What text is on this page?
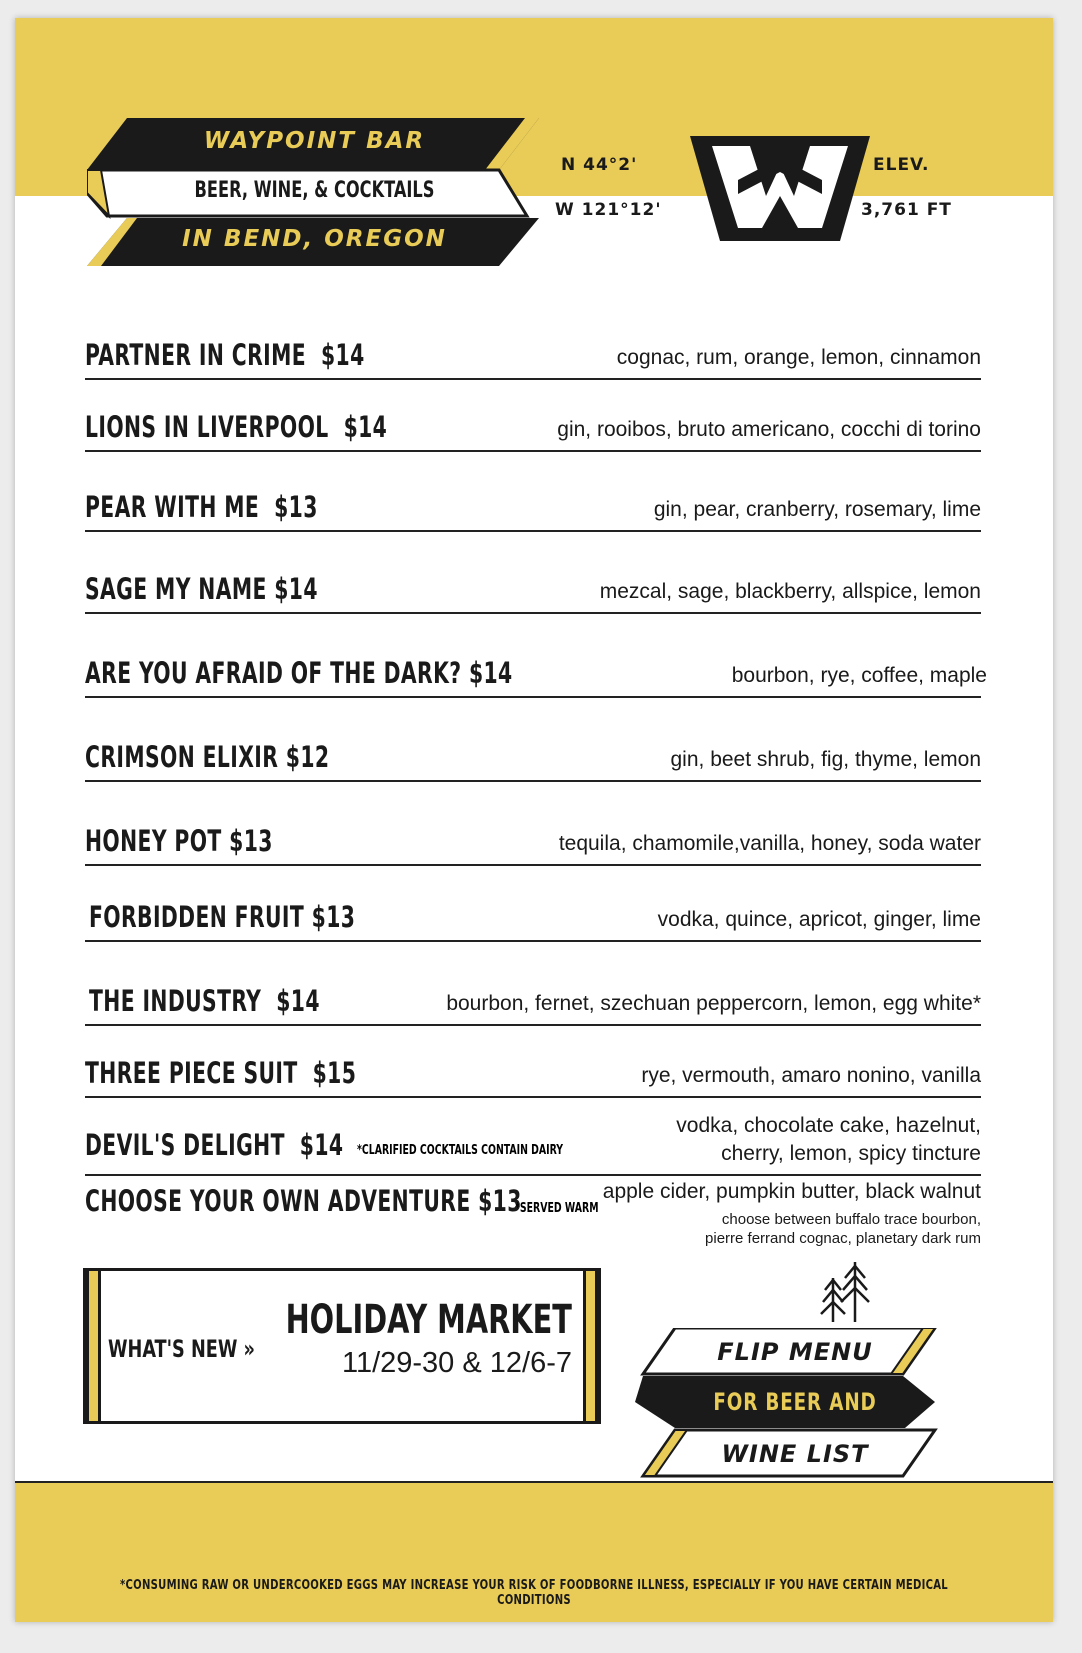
WAYPOINT BAR
BEER, WINE, & COCKTAILS
IN BEND, OREGON
N 44°2'
W 121°12'
ELEV.
3,761 FT
PARTNER IN CRIME $14	cognac, rum, orange, lemon, cinnamon
LIONS IN LIVERPOOL $14	gin, rooibos, bruto americano, cocchi di torino
PEAR WITH ME $13	gin, pear, cranberry, rosemary, lime
SAGE MY NAME $14	mezcal, sage, blackberry, allspice, lemon
ARE YOU AFRAID OF THE DARK? $14	bourbon, rye, coffee, maple
CRIMSON ELIXIR $12	gin, beet shrub, fig, thyme, lemon
HONEY POT $13	tequila, chamomile,vanilla, honey, soda water
FORBIDDEN FRUIT $13	vodka, quince, apricot, ginger, lime
THE INDUSTRY $14	bourbon, fernet, szechuan peppercorn, lemon, egg white*
THREE PIECE SUIT $15	rye, vermouth, amaro nonino, vanilla
DEVIL'S DELIGHT $14 *CLARIFIED COCKTAILS CONTAIN DAIRY
vodka, chocolate cake, hazelnut,
cherry, lemon, spicy tincture
CHOOSE YOUR OWN ADVENTURE $13	apple cider, pumpkin butter, black walnut
*SERVED WARM
choose between buffalo trace bourbon,
pierre ferrand cognac, planetary dark rum
WHAT'S NEW »
HOLIDAY MARKET
11/29-30 & 12/6-7	FLIP MENU
FOR BEER AND
WINE LIST
*CONSUMING RAW OR UNDERCOOKED EGGS MAY INCREASE YOUR RISK OF FOODBORNE ILLNESS, ESPECIALLY IF YOU HAVE CERTAIN MEDICAL CONDITIONS
